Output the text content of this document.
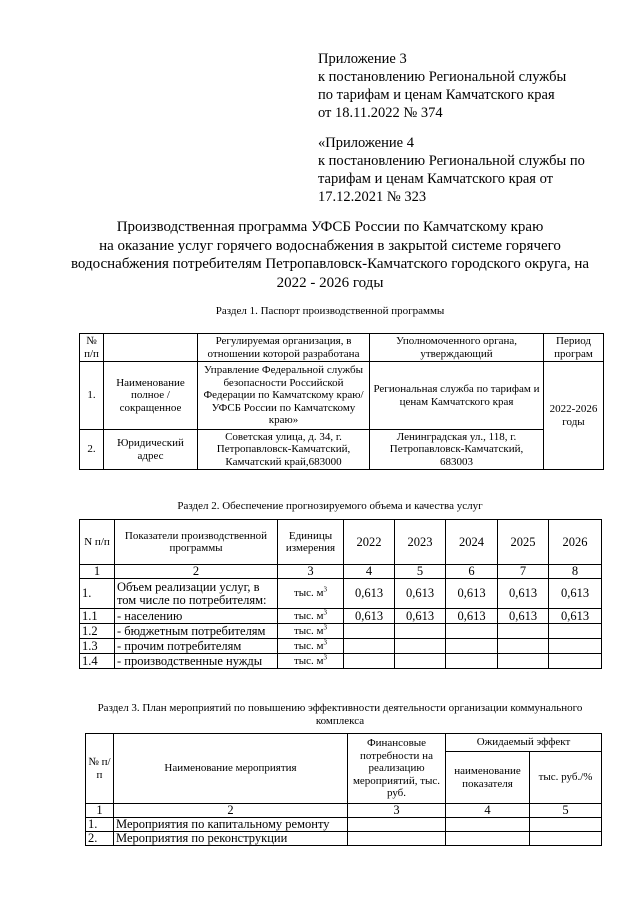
Приложение 3
к постановлению Региональной службы
по тарифам и ценам Камчатского края
от 18.11.2022 № 374
«Приложение 4
к постановлению Региональной службы по
тарифам и ценам Камчатского края от
17.12.2021 № 323
Производственная программа УФСБ России по Камчатскому краю
на оказание услуг горячего водоснабжения в закрытой системе горячего
водоснабжения потребителям Петропавловск-Камчатского городского округа, на
2022 - 2026 годы
Раздел 1. Паспорт производственной программы
№ п/п		Регулируемая организация, в отношении которой разработана	Уполномоченного органа, утверждающий	Период програм
1.	Наименование полное / сокращенное	Управление Федеральной службы безопасности Российской Федерации по Камчатскому краю/ УФСБ России по Камчатскому краю»	Региональная служба по тарифам и ценам Камчатского края	2022-2026 годы
2.	Юридический адрес	Советская улица, д. 34, г. Петропавловск-Камчатский, Камчатский край,683000	Ленинградская ул., 118, г. Петропавловск-Камчатский, 683003	
Раздел 2. Обеспечение прогнозируемого объема и качества услуг
N п/п	Показатели производственной программы	Единицы измерения	2022	2023	2024	2025	2026
1	2	3	4	5	6	7	8
1.	Объем реализации услуг, в том числе по потребителям:	тыс. $м^3$	0,613	0,613	0,613	0,613	0,613
1.1	- населению	тыс. $м^3$	0,613	0,613	0,613	0,613	0,613
1.2	- бюджетным потребителям	тыс. $м^3$					
1.3	- прочим потребителям	тыс. $м^3$					
1.4	- производственные нужды	тыс. $м^3$					
Раздел 3. План мероприятий по повышению эффективности деятельности организации коммунального
комплекса
№ п/п	Наименование мероприятия	Финансовые потребности на реализацию мероприятий, тыс. руб.	Ожидаемый эффект	
			наименование показателя	тыс. руб./%
1	2	3	4	5
1.	Мероприятия по капитальному ремонту			
2.	Мероприятия по реконструкции			
